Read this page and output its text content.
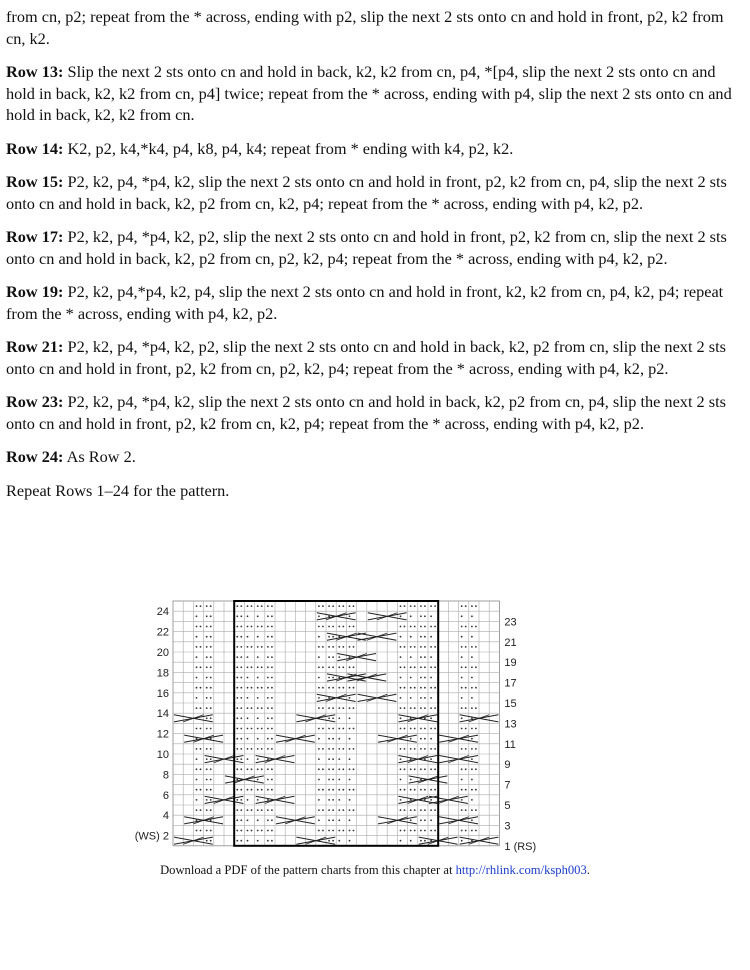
from cn, p2; repeat from the * across, ending with p2, slip the next 2 sts onto cn and hold in front, p2, k2 from cn, k2.

Row 13: Slip the next 2 sts onto cn and hold in back, k2, k2 from cn, p4, *[p4, slip the next 2 sts onto cn and hold in back, k2, k2 from cn, p4] twice; repeat from the * across, ending with p4, slip the next 2 sts onto cn and hold in back, k2, k2 from cn.

Row 14: K2, p2, k4,*k4, p4, k8, p4, k4; repeat from * ending with k4, p2, k2.

Row 15: P2, k2, p4, *p4, k2, slip the next 2 sts onto cn and hold in front, p2, k2 from cn, p4, slip the next 2 sts onto cn and hold in back, k2, p2 from cn, k2, p4; repeat from the * across, ending with p4, k2, p2.

Row 17: P2, k2, p4, *p4, k2, p2, slip the next 2 sts onto cn and hold in front, p2, k2 from cn, slip the next 2 sts onto cn and hold in back, k2, p2 from cn, p2, k2, p4; repeat from the * across, ending with p4, k2, p2.

Row 19: P2, k2, p4,*p4, k2, p4, slip the next 2 sts onto cn and hold in front, k2, k2 from cn, p4, k2, p4; repeat from the * across, ending with p4, k2, p2.

Row 21: P2, k2, p4, *p4, k2, p2, slip the next 2 sts onto cn and hold in back, k2, p2 from cn, slip the next 2 sts onto cn and hold in front, p2, k2 from cn, p2, k2, p4; repeat from the * across, ending with p4, k2, p2.

Row 23: P2, k2, p4, *p4, k2, slip the next 2 sts onto cn and hold in back, k2, p2 from cn, p4, slip the next 2 sts onto cn and hold in front, p2, k2 from cn, k2, p4; repeat from the * across, ending with p4, k2, p2.

Row 24: As Row 2.

Repeat Rows 1–24 for the pattern.

24
22
20
18
16
14
12
10
8
6
4
(WS) 2
23
21
19
17
15
13
11
9
7
5
3
1 (RS)
Download a PDF of the pattern charts from this chapter at http://rhlink.com/ksph003.
